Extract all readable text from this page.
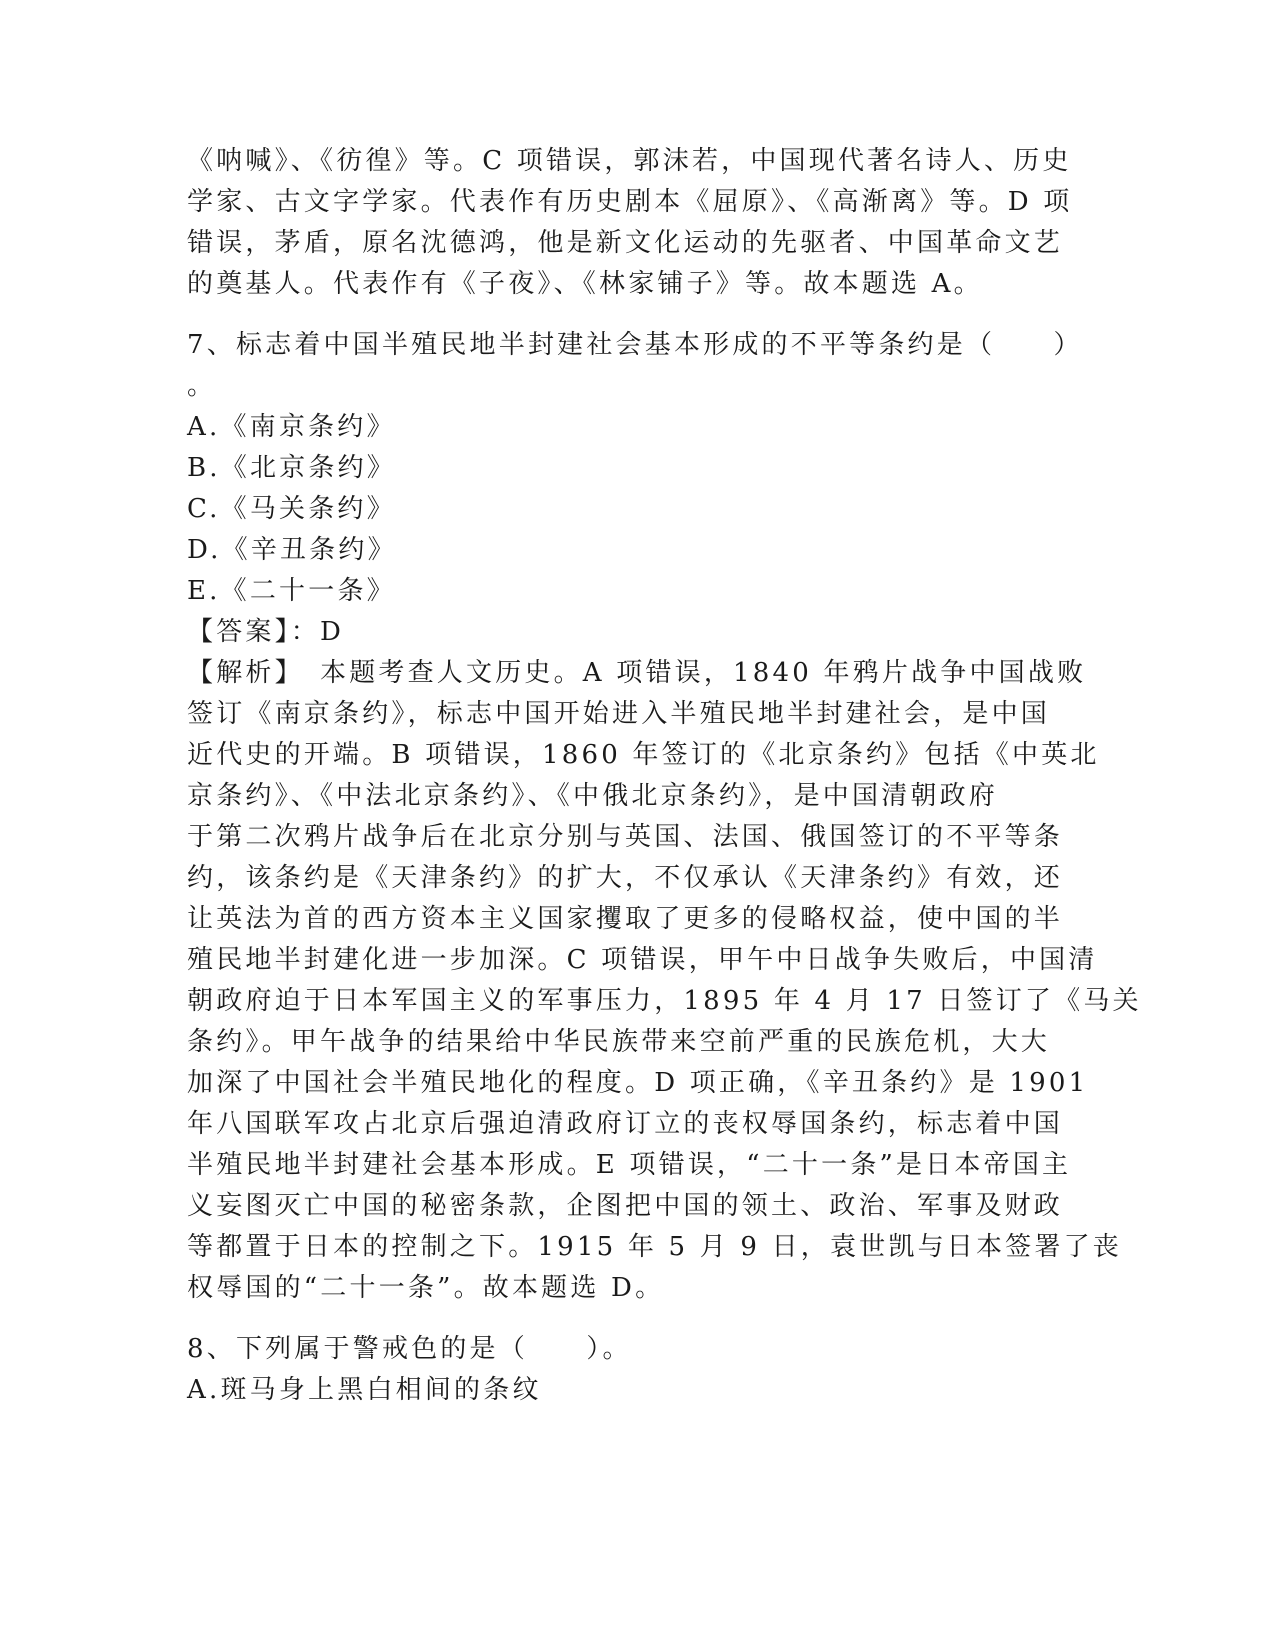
《呐喊》、《彷徨》等。C 项错误，郭沫若，中国现代著名诗人、历史
学家、古文字学家。代表作有历史剧本《屈原》、《高渐离》等。D 项
错误，茅盾，原名沈德鸿，他是新文化运动的先驱者、中国革命文艺
的奠基人。代表作有《子夜》、《林家铺子》等。故本题选 A。
7、标志着中国半殖民地半封建社会基本形成的不平等条约是（　　）
。
A.《南京条约》
B.《北京条约》
C.《马关条约》
D.《辛丑条约》
E.《二十一条》
【答案】：D
【解析】　本题考查人文历史。A 项错误，1840 年鸦片战争中国战败
签订《南京条约》，标志中国开始进入半殖民地半封建社会，是中国
近代史的开端。B 项错误，1860 年签订的《北京条约》包括《中英北
京条约》、《中法北京条约》、《中俄北京条约》，是中国清朝政府
于第二次鸦片战争后在北京分别与英国、法国、俄国签订的不平等条
约，该条约是《天津条约》的扩大，不仅承认《天津条约》有效，还
让英法为首的西方资本主义国家攫取了更多的侵略权益，使中国的半
殖民地半封建化进一步加深。C 项错误，甲午中日战争失败后，中国清
朝政府迫于日本军国主义的军事压力，1895 年 4 月 17 日签订了《马关
条约》。甲午战争的结果给中华民族带来空前严重的民族危机，大大
加深了中国社会半殖民地化的程度。D 项正确，《辛丑条约》是 1901
年八国联军攻占北京后强迫清政府订立的丧权辱国条约，标志着中国
半殖民地半封建社会基本形成。E 项错误，“二十一条”是日本帝国主
义妄图灭亡中国的秘密条款，企图把中国的领土、政治、军事及财政
等都置于日本的控制之下。1915 年 5 月 9 日，袁世凯与日本签署了丧
权辱国的“二十一条”。故本题选 D。
8、下列属于警戒色的是（　　）。
A.斑马身上黑白相间的条纹
